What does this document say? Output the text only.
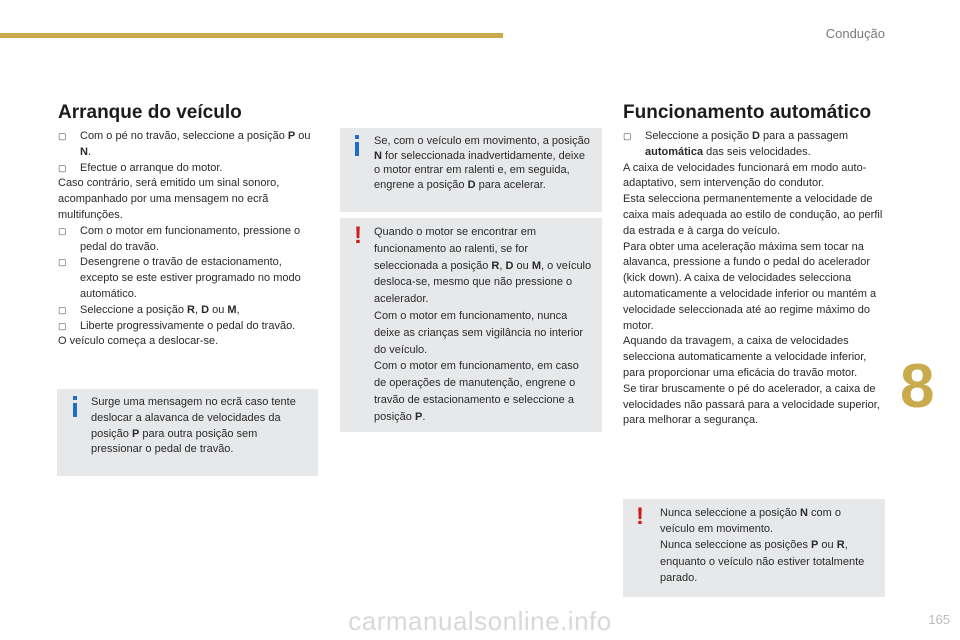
Condução
8
carmanualsonline.info	165
Arranque do veículo
▢ Com o pé no travão, seleccione a posição P ou N.
▢ Efectue o arranque do motor.
Caso contrário, será emitido um sinal sonoro, acompanhado por uma mensagem no ecrã multifunções.
▢ Com o motor em funcionamento, pressione o pedal do travão.
▢ Desengrene o travão de estacionamento, excepto se este estiver programado no modo automático.
▢ Seleccione a posição R, D ou M,
▢ Liberte progressivamente o pedal do travão.
O veículo começa a deslocar-se.
Surge uma mensagem no ecrã caso tente deslocar a alavanca de velocidades da posição P para outra posição sem pressionar o pedal de travão.
Se, com o veículo em movimento, a posição N for seleccionada inadvertidamente, deixe o motor entrar em ralenti e, em seguida, engrene a posição D para acelerar.
! Quando o motor se encontrar em funcionamento ao ralenti, se for seleccionada a posição R, D ou M, o veículo desloca-se, mesmo que não pressione o acelerador.
Com o motor em funcionamento, nunca deixe as crianças sem vigilância no interior do veículo.
Com o motor em funcionamento, em caso de operações de manutenção, engrene o travão de estacionamento e seleccione a posição P.
Funcionamento automático
▢ Seleccione a posição D para a passagem automática das seis velocidades.
A caixa de velocidades funcionará em modo auto-adaptativo, sem intervenção do condutor.
Esta selecciona permanentemente a velocidade de caixa mais adequada ao estilo de condução, ao perfil da estrada e à carga do veículo.
Para obter uma aceleração máxima sem tocar na alavanca, pressione a fundo o pedal do acelerador (kick down). A caixa de velocidades selecciona automaticamente a velocidade inferior ou mantém a velocidade seleccionada até ao regime máximo do motor.
Aquando da travagem, a caixa de velocidades selecciona automaticamente a velocidade inferior, para proporcionar uma eficácia do travão motor.
Se tirar bruscamente o pé do acelerador, a caixa de velocidades não passará para a velocidade superior, para melhorar a segurança.
! Nunca seleccione a posição N com o veículo em movimento.
Nunca seleccione as posições P ou R, enquanto o veículo não estiver totalmente parado.
